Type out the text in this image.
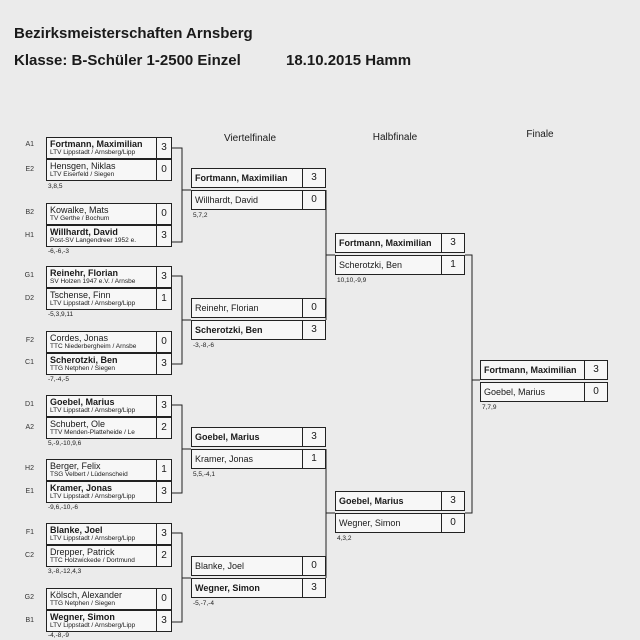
Bezirksmeisterschaften Arnsberg
Klasse: B-Schüler 1-2500 Einzel	18.10.2015 Hamm
Viertelfinale	Halbfinale	Finale
A1	Fortmann, Maximilian
LTV Lippstadt / Arnsberg/Lipp	3
E2	Hensgen, Niklas
LTV Eiserfeld / Siegen	0
3,8,5
B2	Kowalke, Mats
TV Gerthe / Bochum	0
H1	Willhardt, David
Post-SV Langendreer 1952 e.	3
-6,-6,-3
G1	Reinehr, Florian
SV Holzen 1947 e.V. / Arnsbe	3
D2	Tschense, Finn
LTV Lippstadt / Arnsberg/Lipp	1
-5,3,9,11
F2	Cordes, Jonas
TTC Niederbergheim / Arnsbe	0
C1	Scherotzki, Ben
TTG Netphen / Siegen	3
-7,-4,-5
D1	Goebel, Marius
LTV Lippstadt / Arnsberg/Lipp	3
A2	Schubert, Ole
TTV Menden-Platteheide / Le	2
5,-9,-10,9,6
H2	Berger, Felix
TSG Velbert / Lüdenscheid	1
E1	Kramer, Jonas
LTV Lippstadt / Arnsberg/Lipp	3
-9,6,-10,-6
F1	Blanke, Joel
LTV Lippstadt / Arnsberg/Lipp	3
C2	Drepper, Patrick
TTC Holzwickede / Dortmund	2
3,-8,-12,4,3
G2	Kölsch, Alexander
TTG Netphen / Siegen	0
B1	Wegner, Simon
LTV Lippstadt / Arnsberg/Lipp	3
-4,-8,-9
Fortmann, Maximilian	3
Willhardt, David	0
5,7,2
Reinehr, Florian	0
Scherotzki, Ben	3
-3,-8,-6
Goebel, Marius	3
Kramer, Jonas	1
5,5,-4,1
Blanke, Joel	0
Wegner, Simon	3
-5,-7,-4
Fortmann, Maximilian	3
Scherotzki, Ben	1
10,10,-9,9
Goebel, Marius	3
Wegner, Simon	0
4,3,2
Fortmann, Maximilian	3
Goebel, Marius	0
7,7,9
